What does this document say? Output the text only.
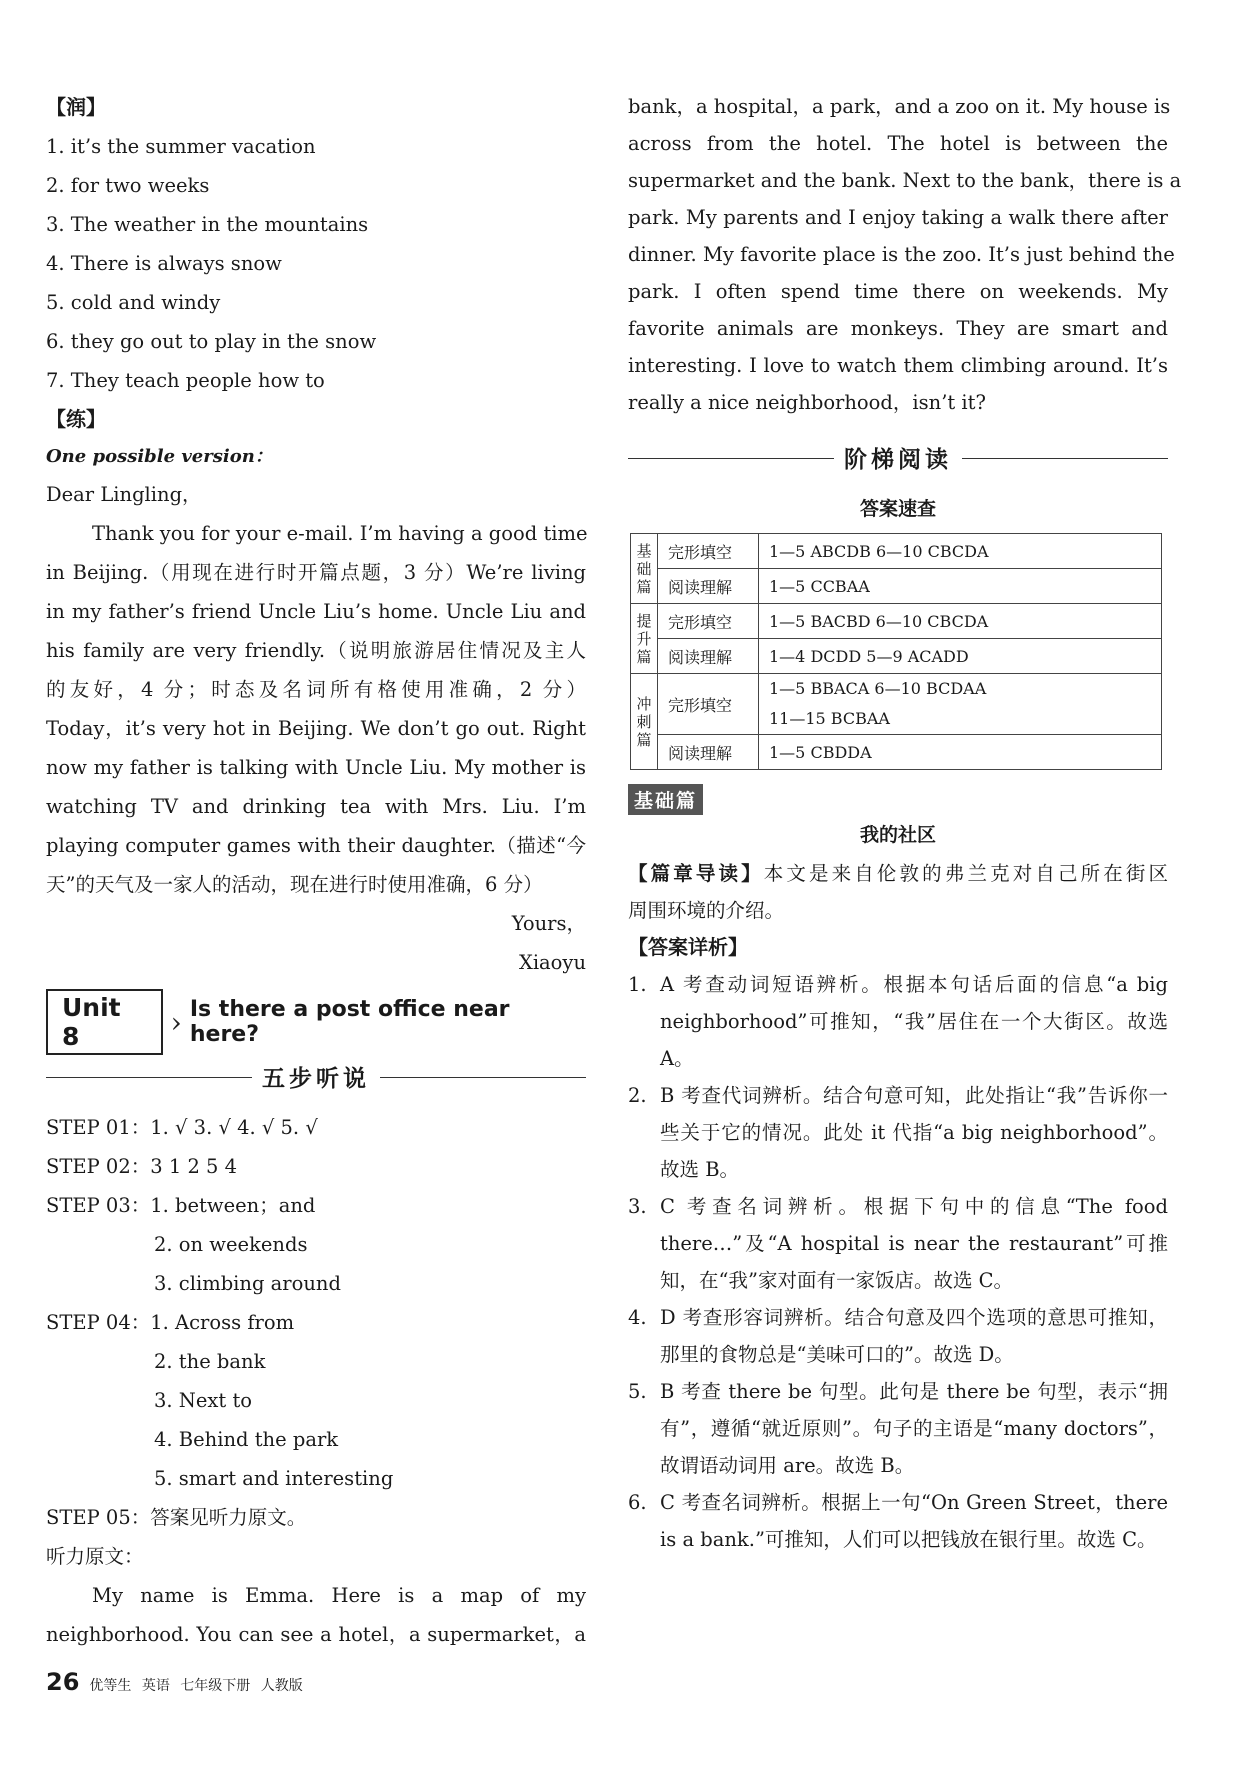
【润】
1. it’s the summer vacation
2. for two weeks
3. The weather in the mountains
4. There is always snow
5. cold and windy
6. they go out to play in the snow
7. They teach people how to
【练】
One possible version：
Dear Lingling，
Thank you for your e-mail. I’m having a good time
in Beijing.（用现在进行时开篇点题，3 分）We’re living
in my father’s friend Uncle Liu’s home. Uncle Liu and
his family are very friendly.（说明旅游居住情况及主人
的友好，4 分；时态及名词所有格使用准确，2 分）
Today，it’s very hot in Beijing. We don’t go out. Right
now my father is talking with Uncle Liu. My mother is
watching TV and drinking tea with Mrs. Liu. I’m
playing computer games with their daughter.（描述“今
天”的天气及一家人的活动，现在进行时使用准确，6 分）
Yours，
Xiaoyu
Unit 8	› Is there a post office near here?
五步听说
STEP 01：1. √ 3. √ 4. √ 5. √
STEP 02：3 1 2 5 4
STEP 03：1. between；and
2. on weekends
3. climbing around
STEP 04：1. Across from
2. the bank
3. Next to
4. Behind the park
5. smart and interesting
STEP 05：答案见听力原文。
听力原文：
My name is Emma. Here is a map of my
neighborhood. You can see a hotel，a supermarket，a
bank，a hospital，a park，and a zoo on it. My house is
across from the hotel. The hotel is between the
supermarket and the bank. Next to the bank，there is a
park. My parents and I enjoy taking a walk there after
dinner. My favorite place is the zoo. It’s just behind the
park. I often spend time there on weekends. My
favorite animals are monkeys. They are smart and
interesting. I love to watch them climbing around. It’s
really a nice neighborhood，isn’t it?
阶梯阅读
答案速查
基础篇	完形填空	1—5 ABCDB 6—10 CBCDA
	阅读理解	1—5 CCBAA
提升篇	完形填空	1—5 BACBD 6—10 CBCDA
	阅读理解	1—4 DCDD 5—9 ACADD
冲刺篇	完形填空	1—5 BBACA 6—10 BCDAA
11—15 BCBAA

	阅读理解	1—5 CBDDA
基础篇
我的社区
【篇章导读】本文是来自伦敦的弗兰克对自己所在街区
周围环境的介绍。
【答案详析】
1. A 考查动词短语辨析。根据本句话后面的信息“a big neighborhood”可推知，“我”居住在一个大街区。故选 A。
2. B 考查代词辨析。结合句意可知，此处指让“我”告诉你一些关于它的情况。此处 it 代指“a big neighborhood”。故选 B。
3. C 考查名词辨析。根据下句中的信息“The food there…”及“A hospital is near the restaurant”可推知，在“我”家对面有一家饭店。故选 C。
4. D 考查形容词辨析。结合句意及四个选项的意思可推知，那里的食物总是“美味可口的”。故选 D。
5. B 考查 there be 句型。此句是 there be 句型，表示“拥有”，遵循“就近原则”。句子的主语是“many doctors”，故谓语动词用 are。故选 B。
6. C 考查名词辨析。根据上一句“On Green Street，there is a bank.”可推知，人们可以把钱放在银行里。故选 C。
26 优等生 英语 七年级下册 人教版
